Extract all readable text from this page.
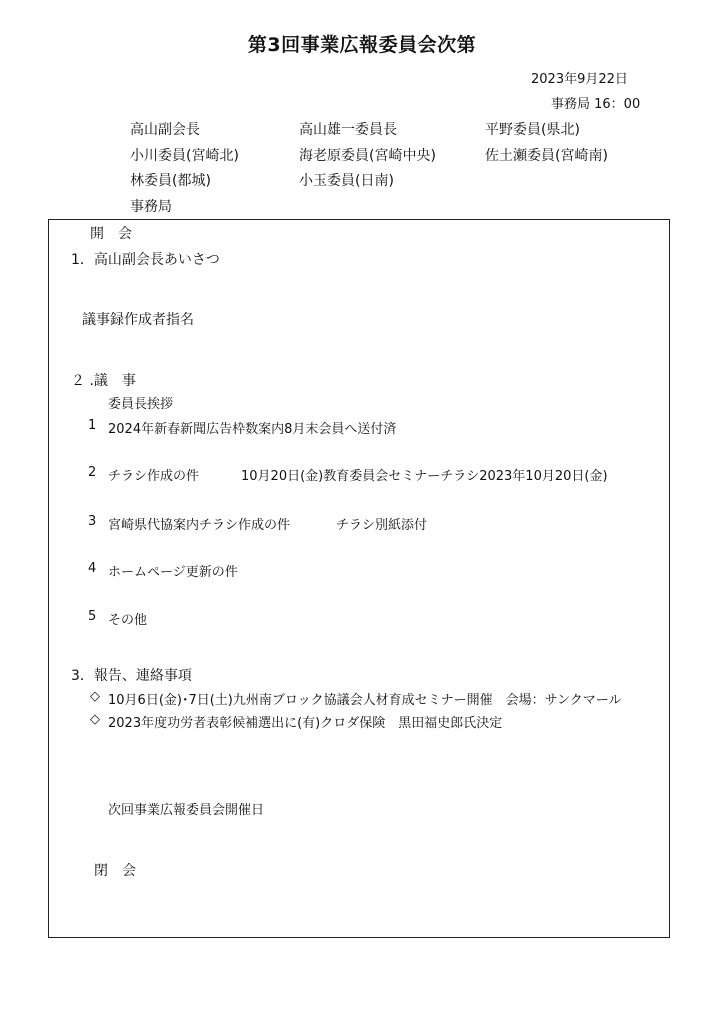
第3回事業広報委員会次第
2023年9月22日
事務局 16：00
高山副会長	高山雄一委員長	平野委員(県北)
小川委員(宮崎北)	海老原委員(宮崎中央)	佐土瀬委員(宮崎南)
林委員(都城)	小玉委員(日南)
事務局
開　会
1．高山副会長あいさつ
議事録作成者指名
２ .議　事
委員長挨拶
1 2024年新春新聞広告枠数案内8月末会員へ送付済
2 チラシ作成の件	10月20日(金)教育委員会セミナーチラシ2023年10月20日(金)
3 宮崎県代協案内チラシ作成の件	チラシ別紙添付
4 ホームページ更新の件
5 その他
3．報告、連絡事項
◇ 10月6日(金)･7日(土)九州南ブロック協議会人材育成セミナー開催　会場：サンクマール
◇ 2023年度功労者表彰候補選出に(有)クロダ保険　黒田福史郎氏決定
次回事業広報委員会開催日
閉　会
